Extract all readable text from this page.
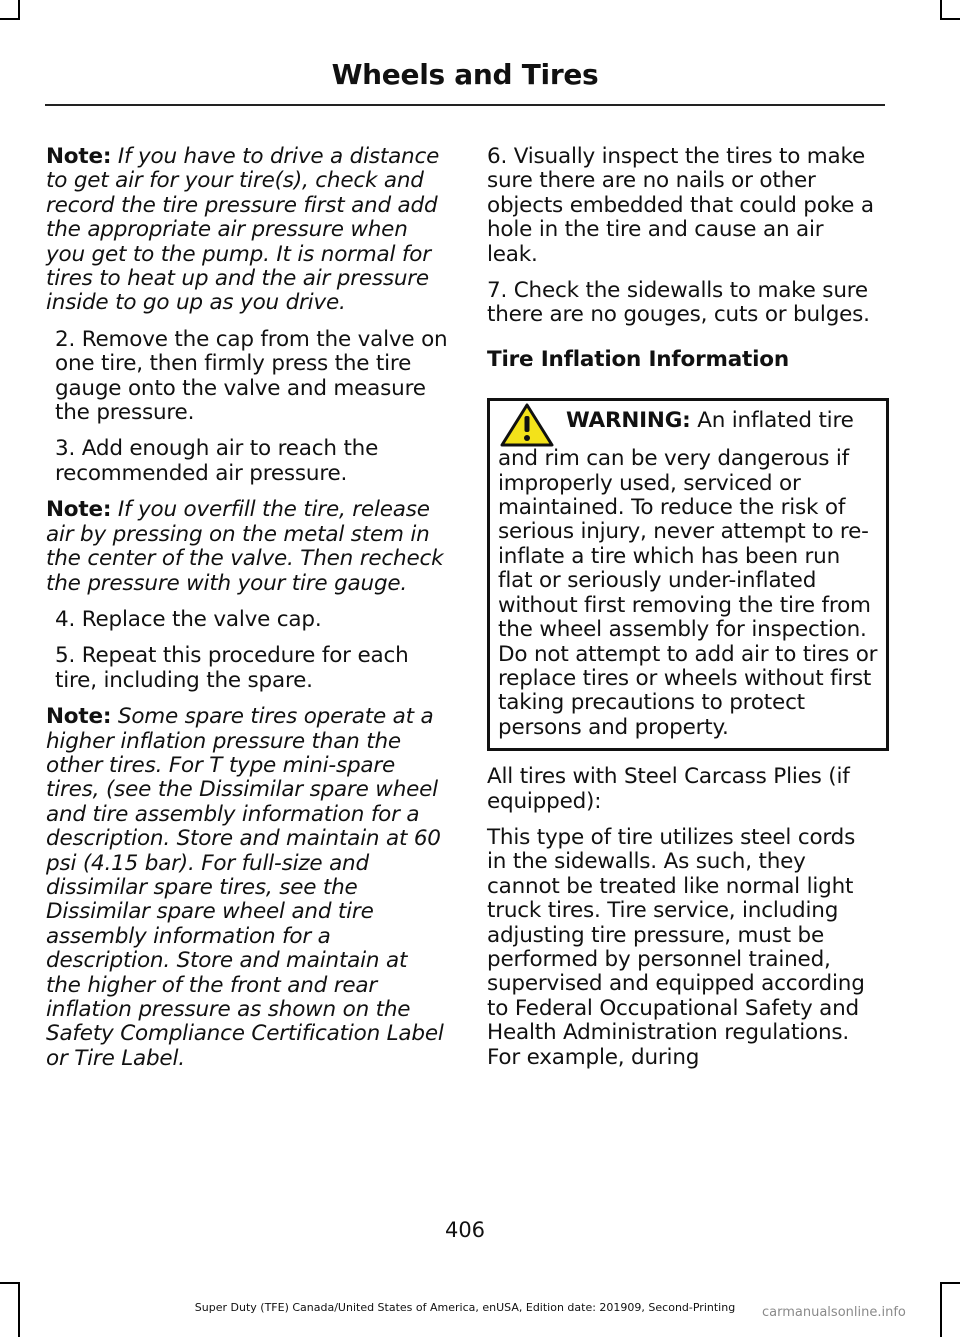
Wheels and Tires

Note: If you have to drive a distance to get air for your tire(s), check and record the tire pressure first and add the appropriate air pressure when you get to the pump. It is normal for tires to heat up and the air pressure inside to go up as you drive.

2. Remove the cap from the valve on one tire, then firmly press the tire gauge onto the valve and measure the pressure.

3. Add enough air to reach the recommended air pressure.

Note: If you overfill the tire, release air by pressing on the metal stem in the center of the valve. Then recheck the pressure with your tire gauge.

4. Replace the valve cap.

5. Repeat this procedure for each tire, including the spare.

Note: Some spare tires operate at a higher inflation pressure than the other tires. For T type mini-spare tires, (see the Dissimilar spare wheel and tire assembly information for a description. Store and maintain at 60 psi (4.15 bar). For full-size and dissimilar spare tires, see the Dissimilar spare wheel and tire assembly information for a description. Store and maintain at the higher of the front and rear inflation pressure as shown on the Safety Compliance Certification Label or Tire Label.

6. Visually inspect the tires to make sure there are no nails or other objects embedded that could poke a hole in the tire and cause an air leak.

7. Check the sidewalls to make sure there are no gouges, cuts or bulges.

Tire Inflation Information

WARNING: An inflated tire and rim can be very dangerous if improperly used, serviced or maintained. To reduce the risk of serious injury, never attempt to re-inflate a tire which has been run flat or seriously under-inflated without first removing the tire from the wheel assembly for inspection. Do not attempt to add air to tires or replace tires or wheels without first taking precautions to protect persons and property.

All tires with Steel Carcass Plies (if equipped):

This type of tire utilizes steel cords in the sidewalls. As such, they cannot be treated like normal light truck tires. Tire service, including adjusting tire pressure, must be performed by personnel trained, supervised and equipped according to Federal Occupational Safety and Health Administration regulations. For example, during

406
Super Duty (TFE) Canada/United States of America, enUSA, Edition date: 201909, Second-Printing	carmanualsonline.info
